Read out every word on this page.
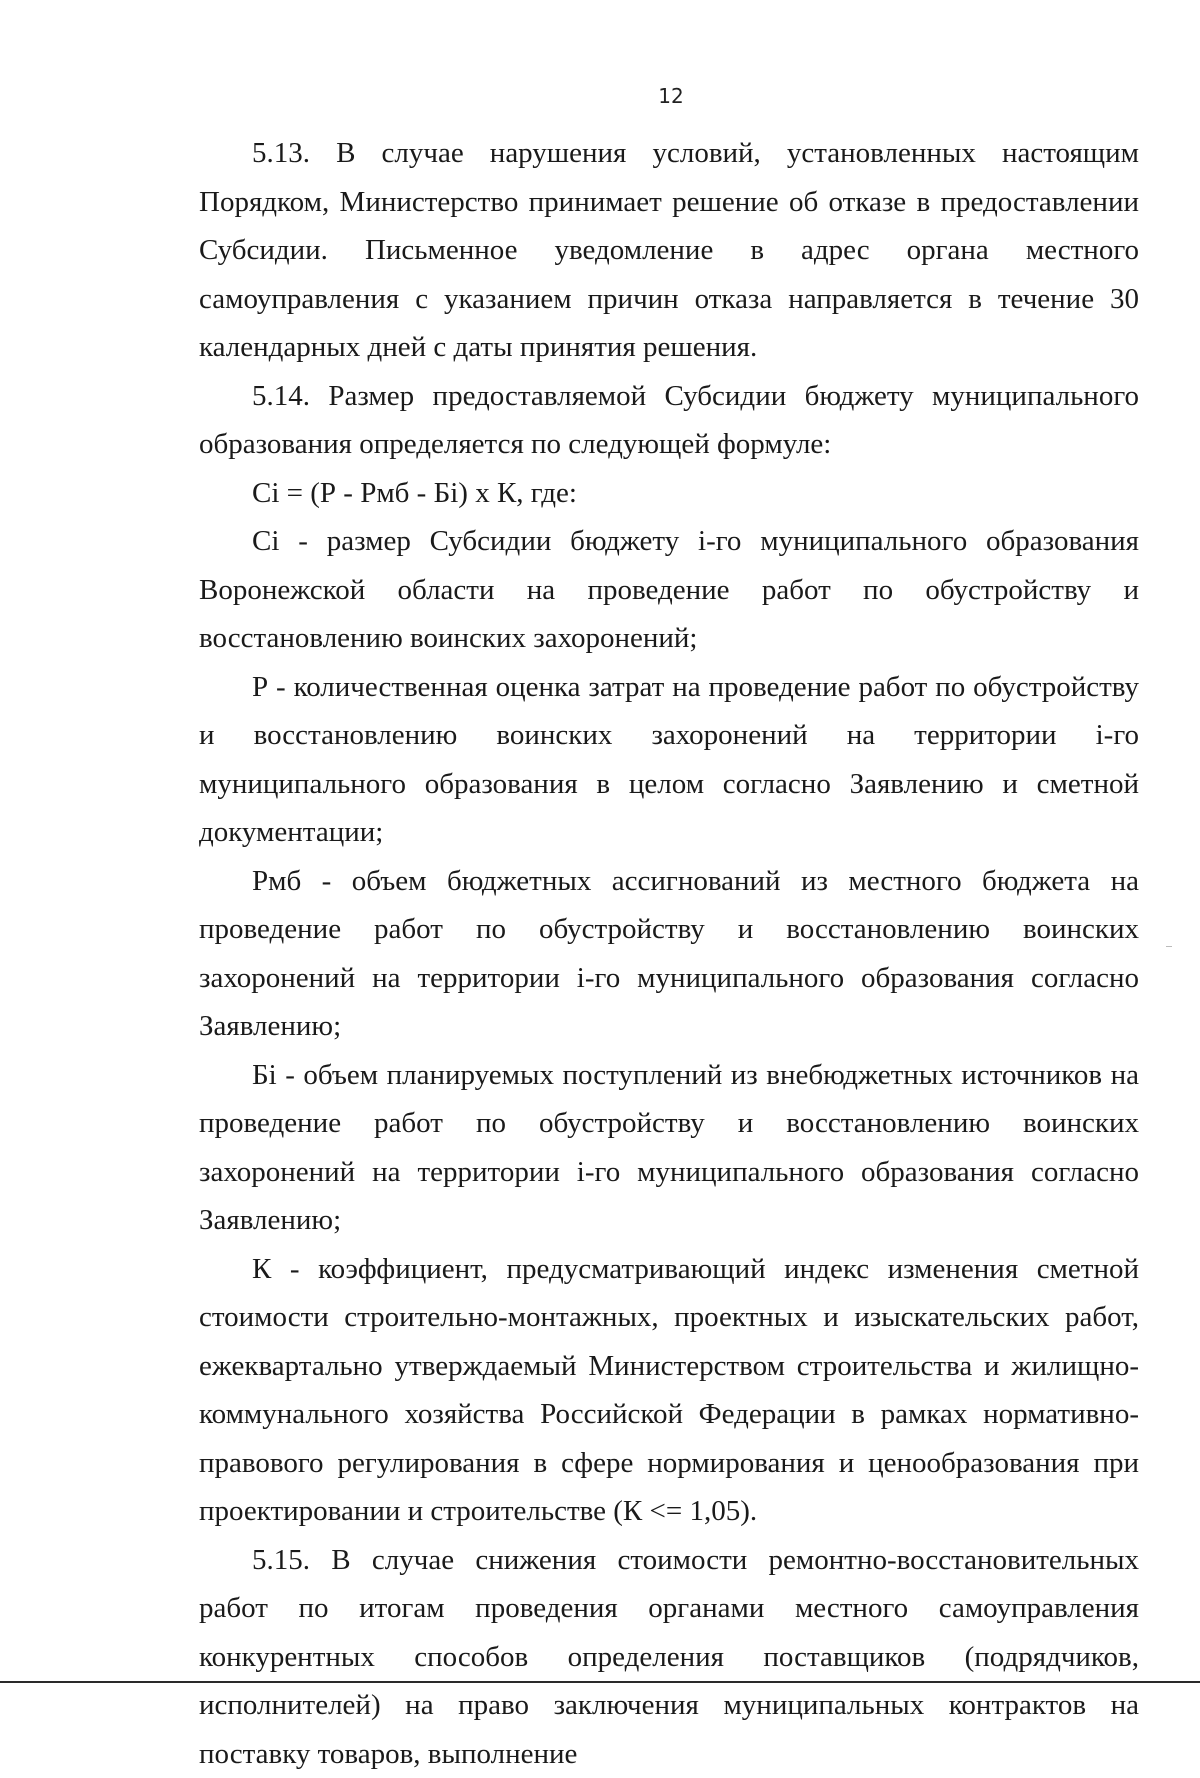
12

5.13. В случае нарушения условий, установленных настоящим Порядком, Министерство принимает решение об отказе в предоставлении Субсидии. Письменное уведомление в адрес органа местного самоуправления с указанием причин отказа направляется в течение 30 календарных дней с даты принятия решения.

5.14. Размер предоставляемой Субсидии бюджету муниципального образования определяется по следующей формуле:

Ci = (Р - Рмб - Бi) х К, где:

Ci - размер Субсидии бюджету i-го муниципального образования Воронежской области на проведение работ по обустройству и восстановлению воинских захоронений;

Р - количественная оценка затрат на проведение работ по обустройству и восстановлению воинских захоронений на территории i-го муниципального образования в целом согласно Заявлению и сметной документации;

Рмб - объем бюджетных ассигнований из местного бюджета на проведение работ по обустройству и восстановлению воинских захоронений на территории i-го муниципального образования согласно Заявлению;

Бi - объем планируемых поступлений из внебюджетных источников на проведение работ по обустройству и восстановлению воинских захоронений на территории i-го муниципального образования согласно Заявлению;

К - коэффициент, предусматривающий индекс изменения сметной стоимости строительно-монтажных, проектных и изыскательских работ, ежеквартально утверждаемый Министерством строительства и жилищно-коммунального хозяйства Российской Федерации в рамках нормативно-правового регулирования в сфере нормирования и ценообразования при проектировании и строительстве (К <= 1,05).

5.15. В случае снижения стоимости ремонтно-восстановительных работ по итогам проведения органами местного самоуправления конкурентных способов определения поставщиков (подрядчиков, исполнителей) на право заключения муниципальных контрактов на поставку товаров, выполнение
